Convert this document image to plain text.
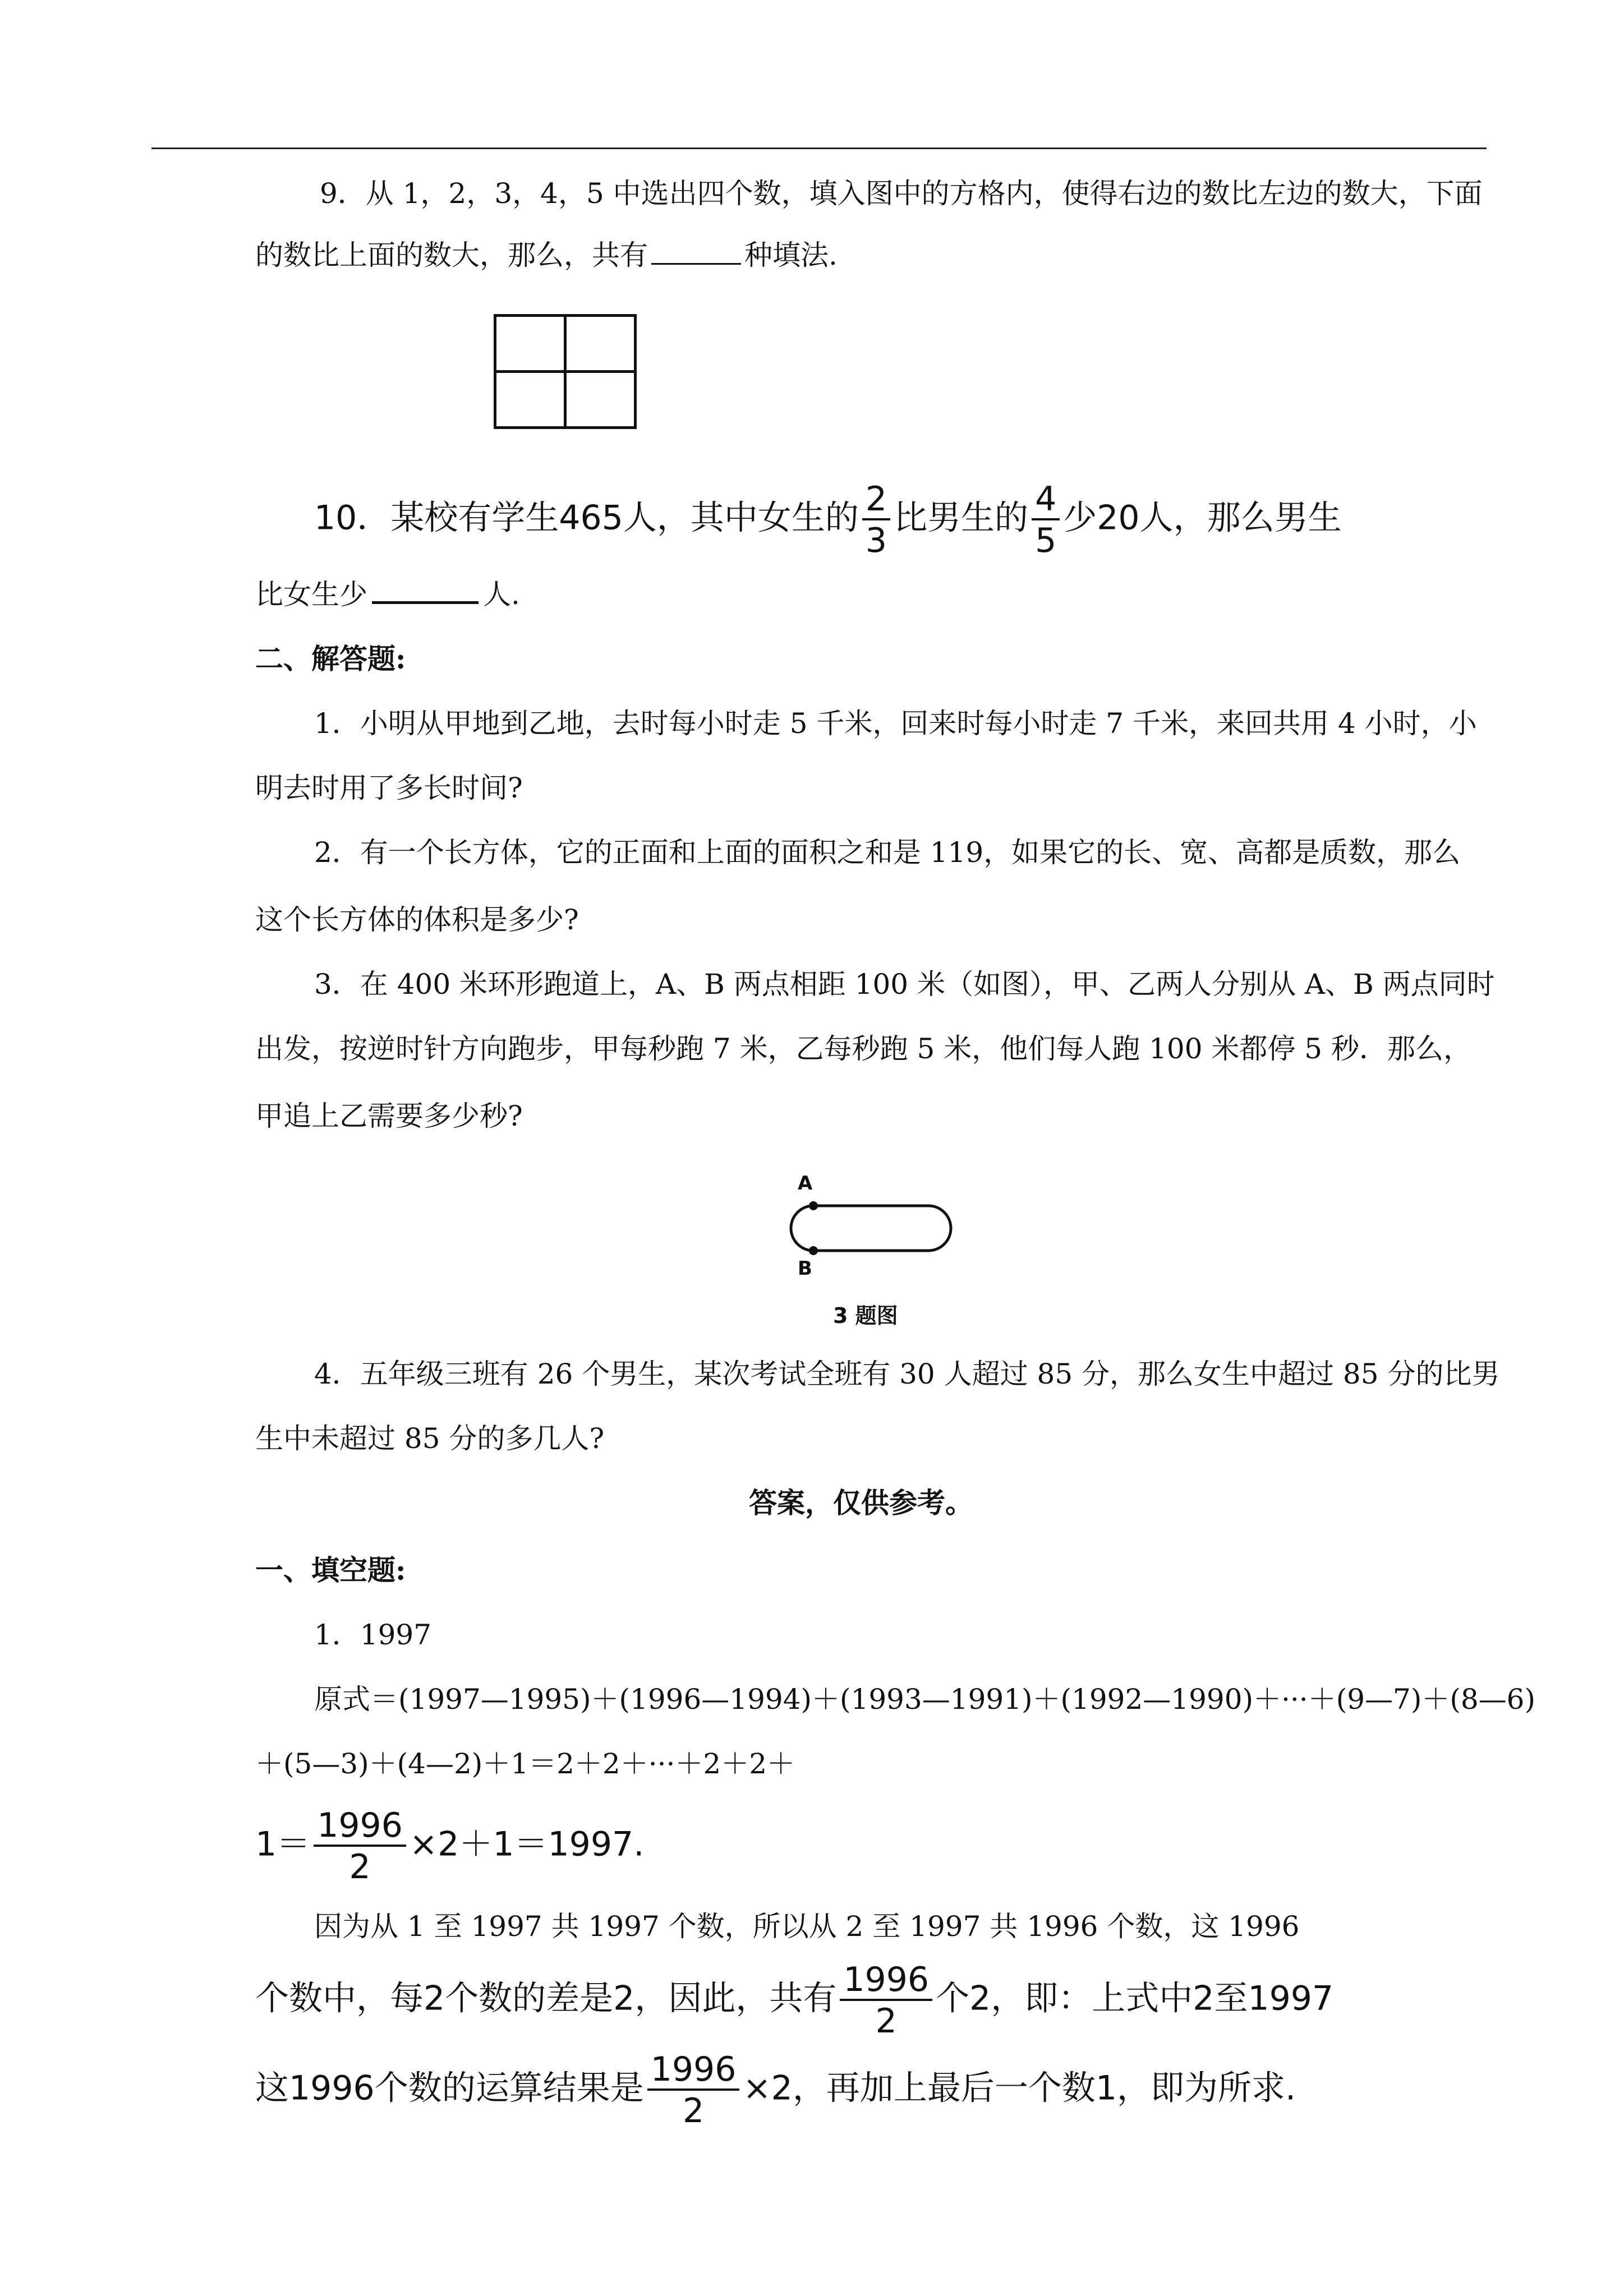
9．从 1，2，3，4，5 中选出四个数，填入图中的方格内，使得右边的数比左边的数大，下面
的数比上面的数大，那么，共有	种填法.
10．某校有学生465人，其中女生的 $\frac{2}{3}$ 比男生的 $\frac{4}{5}$ 少20人，那么男生
比女生少	人.
二、解答题:
1．小明从甲地到乙地，去时每小时走 5 千米，回来时每小时走 7 千米，来回共用 4 小时，小
明去时用了多长时间?
2．有一个长方体，它的正面和上面的面积之和是 119，如果它的长、宽、高都是质数，那么
这个长方体的体积是多少?
3．在 400 米环形跑道上，A、B 两点相距 100 米（如图），甲、乙两人分别从 A、B 两点同时
出发，按逆时针方向跑步，甲每秒跑 7 米，乙每秒跑 5 米，他们每人跑 100 米都停 5 秒．那么，
甲追上乙需要多少秒?
A
B
3 题图
4．五年级三班有 26 个男生，某次考试全班有 30 人超过 85 分，那么女生中超过 85 分的比男
生中未超过 85 分的多几人?
答案，仅供参考。
一、填空题:
1．1997
原式＝(1997—1995)＋(1996—1994)＋(1993—1991)＋(1992—1990)＋···＋(9—7)＋(8—6)
＋(5—3)＋(4—2)＋1＝2＋2＋···＋2＋2＋
$1= \frac{1996}{2} \times 2+1=1997$.
因为从 1 至 1997 共 1997 个数，所以从 2 至 1997 共 1996 个数，这 1996
个数中，每2个数的差是2，因此，共有 $\frac{1996}{2}$ 个2，即：上式中2至1997
这1996个数的运算结果是 $\frac{1996}{2} \times 2$，再加上最后一个数1，即为所求.
